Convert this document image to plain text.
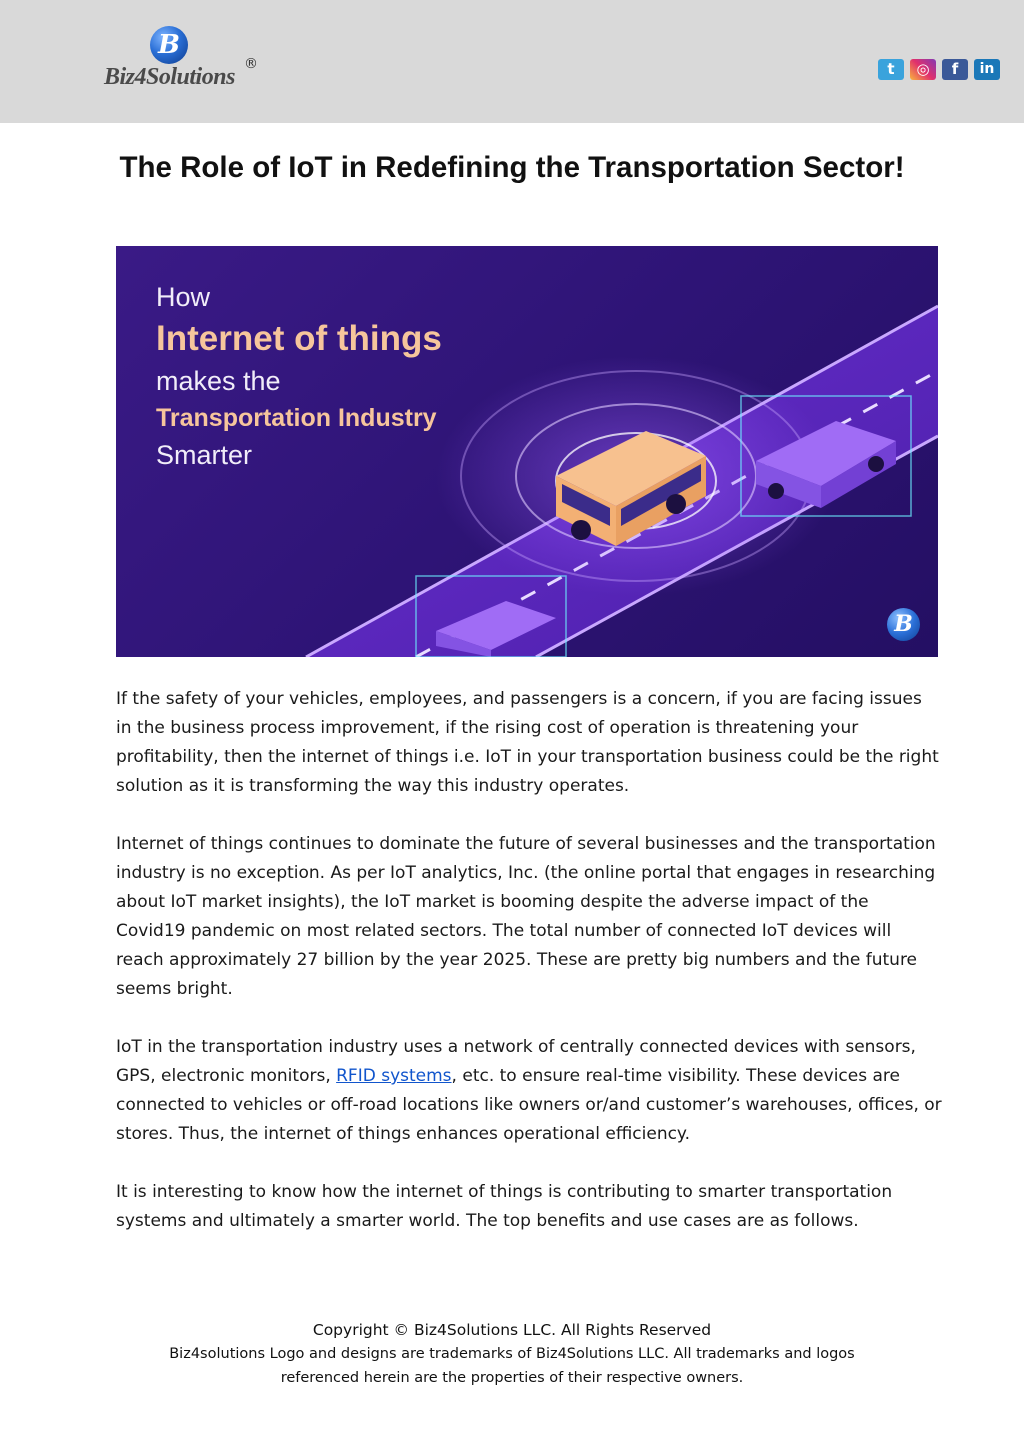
B
Biz4Solutions ®	t	◎	f	in
The Role of IoT in Redefining the Transportation Sector!
How
Internet of things
makes the
Transportation Industry
Smarter
B

If the safety of your vehicles, employees, and passengers is a concern, if you are facing issues in the business process improvement, if the rising cost of operation is threatening your profitability, then the internet of things i.e. IoT in your transportation business could be the right solution as it is transforming the way this industry operates.

Internet of things continues to dominate the future of several businesses and the transportation industry is no exception. As per IoT analytics, Inc. (the online portal that engages in researching about IoT market insights), the IoT market is booming despite the adverse impact of the Covid19 pandemic on most related sectors. The total number of connected IoT devices will reach approximately 27 billion by the year 2025. These are pretty big numbers and the future seems bright.

IoT in the transportation industry uses a network of centrally connected devices with sensors, GPS, electronic monitors, RFID systems, etc. to ensure real-time visibility. These devices are connected to vehicles or off-road locations like owners or/and customer’s warehouses, offices, or stores. Thus, the internet of things enhances operational efficiency.

It is interesting to know how the internet of things is contributing to smarter transportation systems and ultimately a smarter world. The top benefits and use cases are as follows.

Copyright © Biz4Solutions LLC. All Rights Reserved
Biz4solutions Logo and designs are trademarks of Biz4Solutions LLC. All trademarks and logos
referenced herein are the properties of their respective owners.
